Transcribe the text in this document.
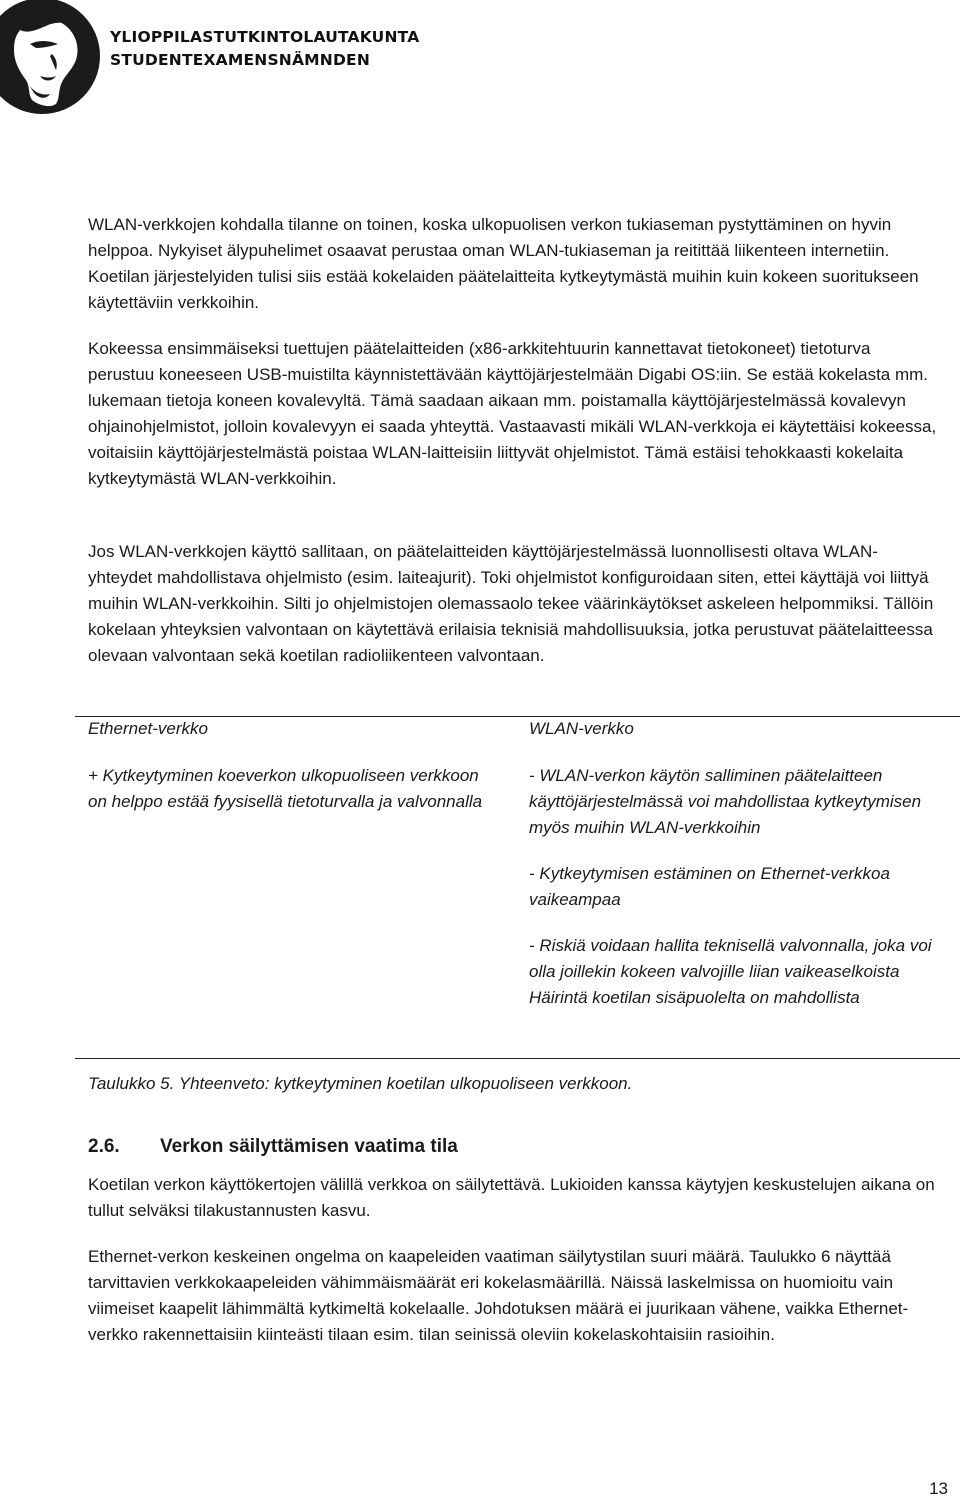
YLIOPPILASTUTKINTOLAUTAKUNTA
STUDENTEXAMENSNÄMNDEN

WLAN-verkkojen kohdalla tilanne on toinen, koska ulkopuolisen verkon tukiaseman pystyttäminen on hyvin helppoa. Nykyiset älypuhelimet osaavat perustaa oman WLAN-tukiaseman ja reitittää liikenteen internetiin. Koetilan järjestelyiden tulisi siis estää kokelaiden päätelaitteita kytkeytymästä muihin kuin kokeen suoritukseen käytettäviin verkkoihin.

Kokeessa ensimmäiseksi tuettujen päätelaitteiden (x86-arkkitehtuurin kannettavat tietokoneet) tietoturva perustuu koneeseen USB-muistilta käynnistettävään käyttöjärjestelmään Digabi OS:iin. Se estää kokelasta mm. lukemaan tietoja koneen kovalevyltä. Tämä saadaan aikaan mm. poistamalla käyttöjärjestelmässä kovalevyn ohjainohjelmistot, jolloin kovalevyyn ei saada yhteyttä. Vastaavasti mikäli WLAN-verkkoja ei käytettäisi kokeessa, voitaisiin käyttöjärjestelmästä poistaa WLAN-laitteisiin liittyvät ohjelmistot. Tämä estäisi tehokkaasti kokelaita kytkeytymästä WLAN-verkkoihin.

Jos WLAN-verkkojen käyttö sallitaan, on päätelaitteiden käyttöjärjestelmässä luonnollisesti oltava WLAN-yhteydet mahdollistava ohjelmisto (esim. laiteajurit). Toki ohjelmistot konfiguroidaan siten, ettei käyttäjä voi liittyä muihin WLAN-verkkoihin. Silti jo ohjelmistojen olemassaolo tekee väärinkäytökset askeleen helpommiksi. Tällöin kokelaan yhteyksien valvontaan on käytettävä erilaisia teknisiä mahdollisuuksia, jotka perustuvat päätelaitteessa olevaan valvontaan sekä koetilan radioliikenteen valvontaan.

Ethernet-verkko	WLAN-verkko

+ Kytkeytyminen koeverkon ulkopuoliseen verkkoon on helppo estää fyysisellä tietoturvalla ja valvonnalla

- WLAN-verkon käytön salliminen päätelaitteen käyttöjärjestelmässä voi mahdollistaa kytkeytymisen myös muihin WLAN-verkkoihin

- Kytkeytymisen estäminen on Ethernet-verkkoa vaikeampaa

- Riskiä voidaan hallita teknisellä valvonnalla, joka voi olla joillekin kokeen valvojille liian vaikeaselkoista Häirintä koetilan sisäpuolelta on mahdollista

Taulukko 5. Yhteenveto: kytkeytyminen koetilan ulkopuoliseen verkkoon.

2.6. Verkon säilyttämisen vaatima tila

Koetilan verkon käyttökertojen välillä verkkoa on säilytettävä. Lukioiden kanssa käytyjen keskustelujen aikana on tullut selväksi tilakustannusten kasvu.

Ethernet-verkon keskeinen ongelma on kaapeleiden vaatiman säilytystilan suuri määrä. Taulukko 6 näyttää tarvittavien verkkokaapeleiden vähimmäismäärät eri kokelasmäärillä. Näissä laskelmissa on huomioitu vain viimeiset kaapelit lähimmältä kytkimeltä kokelaalle. Johdotuksen määrä ei juurikaan vähene, vaikka Ethernet-verkko rakennettaisiin kiinteästi tilaan esim. tilan seinissä oleviin kokelaskohtaisiin rasioihin.

13
